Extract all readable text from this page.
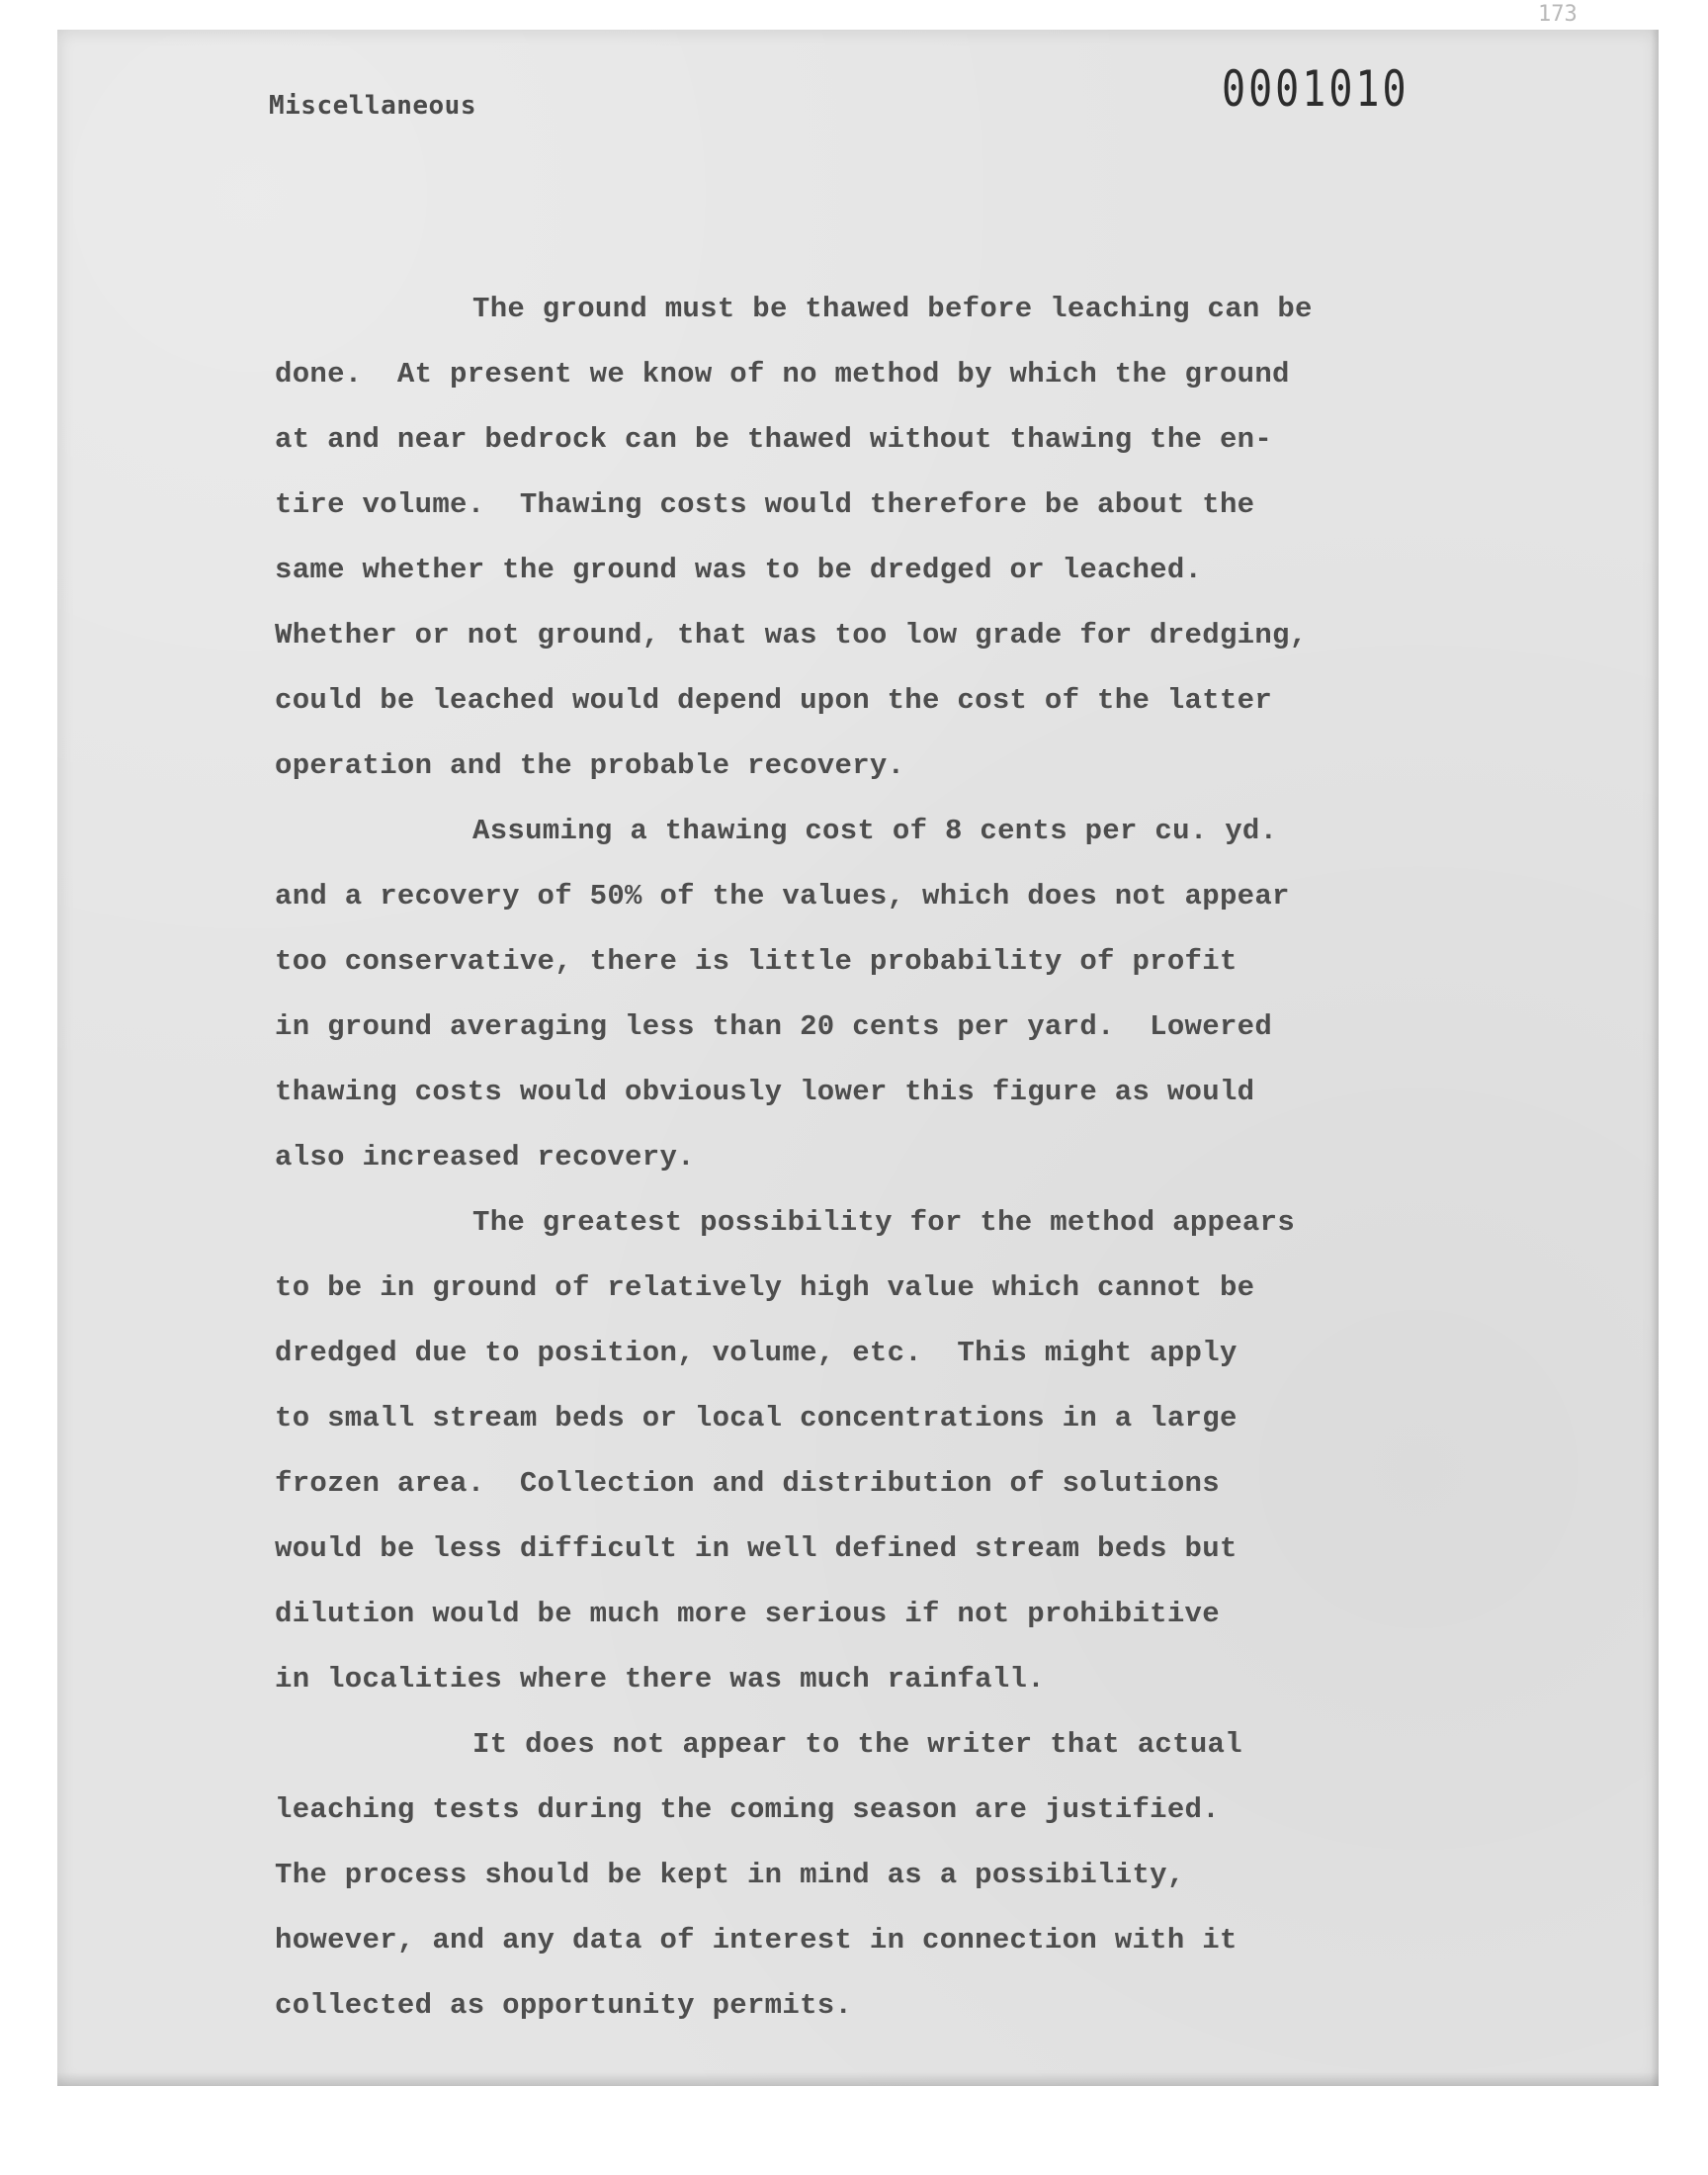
173
Miscellaneous	0001010
The ground must be thawed before leaching can be
done.  At present we know of no method by which the ground
at and near bedrock can be thawed without thawing the en-
tire volume.  Thawing costs would therefore be about the
same whether the ground was to be dredged or leached.
Whether or not ground, that was too low grade for dredging,
could be leached would depend upon the cost of the latter
operation and the probable recovery.
Assuming a thawing cost of 8 cents per cu. yd.
and a recovery of 50% of the values, which does not appear
too conservative, there is little probability of profit
in ground averaging less than 20 cents per yard.  Lowered
thawing costs would obviously lower this figure as would
also increased recovery.
The greatest possibility for the method appears
to be in ground of relatively high value which cannot be
dredged due to position, volume, etc.  This might apply
to small stream beds or local concentrations in a large
frozen area.  Collection and distribution of solutions
would be less difficult in well defined stream beds but
dilution would be much more serious if not prohibitive
in localities where there was much rainfall.
It does not appear to the writer that actual
leaching tests during the coming season are justified.
The process should be kept in mind as a possibility,
however, and any data of interest in connection with it
collected as opportunity permits.
